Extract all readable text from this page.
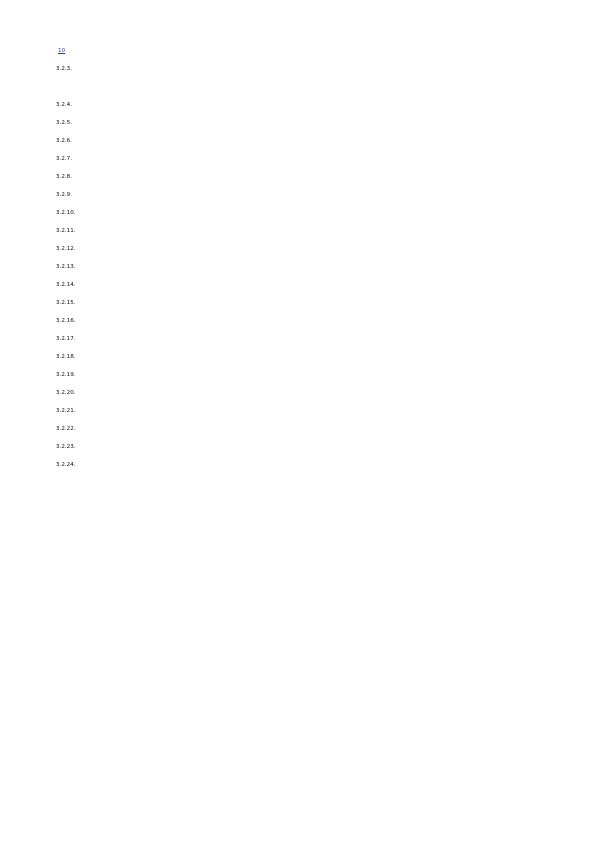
10

3.2.3.

3.2.4.

3.2.5.

3.2.6.

3.2.7.

3.2.8.

3.2.9.

3.2.10.

3.2.11.

3.2.12.

3.2.13.

3.2.14.

3.2.15.

3.2.16.

3.2.17.

3.2.18.

3.2.19.

3.2.20.

3.2.21.

3.2.22.

3.2.23.

3.2.24.
